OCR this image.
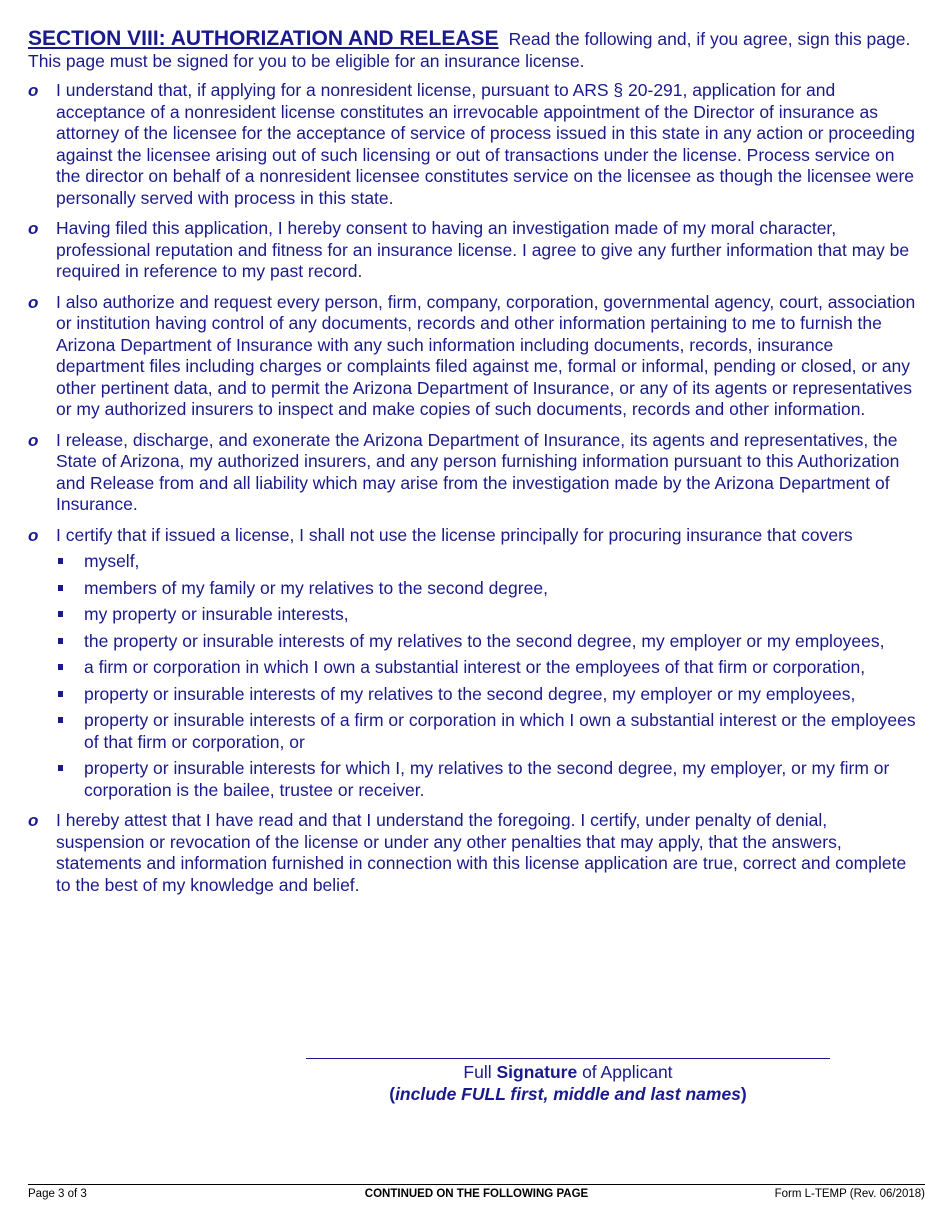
SECTION VIII: AUTHORIZATION AND RELEASE Read the following and, if you agree, sign this page. This page must be signed for you to be eligible for an insurance license.

o I understand that, if applying for a nonresident license, pursuant to ARS § 20-291, application for and acceptance of a nonresident license constitutes an irrevocable appointment of the Director of insurance as attorney of the licensee for the acceptance of service of process issued in this state in any action or proceeding against the licensee arising out of such licensing or out of transactions under the license. Process service on the director on behalf of a nonresident licensee constitutes service on the licensee as though the licensee were personally served with process in this state.
o Having filed this application, I hereby consent to having an investigation made of my moral character, professional reputation and fitness for an insurance license. I agree to give any further information that may be required in reference to my past record.
o I also authorize and request every person, firm, company, corporation, governmental agency, court, association or institution having control of any documents, records and other information pertaining to me to furnish the Arizona Department of Insurance with any such information including documents, records, insurance department files including charges or complaints filed against me, formal or informal, pending or closed, or any other pertinent data, and to permit the Arizona Department of Insurance, or any of its agents or representatives or my authorized insurers to inspect and make copies of such documents, records and other information.
o I release, discharge, and exonerate the Arizona Department of Insurance, its agents and representatives, the State of Arizona, my authorized insurers, and any person furnishing information pursuant to this Authorization and Release from and all liability which may arise from the investigation made by the Arizona Department of Insurance.
o I certify that if issued a license, I shall not use the license principally for procuring insurance that covers
myself,
members of my family or my relatives to the second degree,
my property or insurable interests,
the property or insurable interests of my relatives to the second degree, my employer or my employees,
a firm or corporation in which I own a substantial interest or the employees of that firm or corporation,
property or insurable interests of my relatives to the second degree, my employer or my employees,
property or insurable interests of a firm or corporation in which I own a substantial interest or the employees of that firm or corporation, or
property or insurable interests for which I, my relatives to the second degree, my employer, or my firm or corporation is the bailee, trustee or receiver.
o I hereby attest that I have read and that I understand the foregoing. I certify, under penalty of denial, suspension or revocation of the license or under any other penalties that may apply, that the answers, statements and information furnished in connection with this license application are true, correct and complete to the best of my knowledge and belief.
Full Signature of Applicant
(include FULL first, middle and last names)
Page 3 of 3	CONTINUED ON THE FOLLOWING PAGE	Form L-TEMP (Rev. 06/2018)
